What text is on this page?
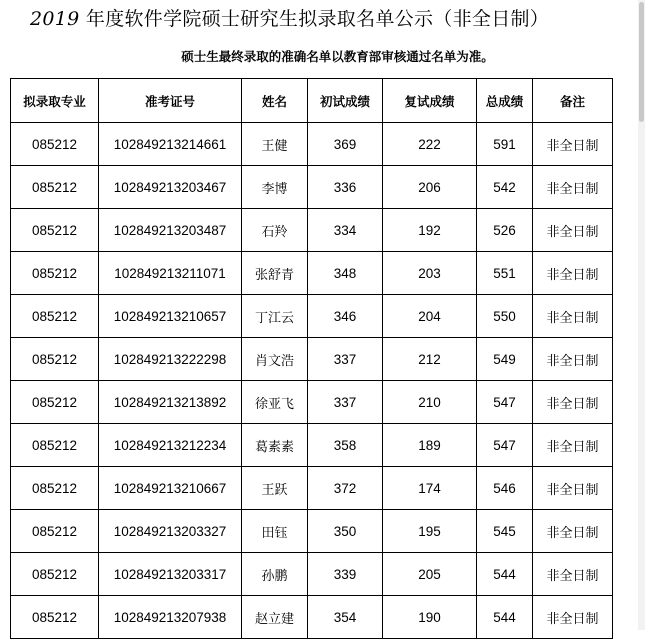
2019 年度软件学院硕士研究生拟录取名单公示（非全日制）
硕士生最终录取的准确名单以教育部审核通过名单为准。
拟录取专业	准考证号	姓名	初试成绩	复试成绩	总成绩	备注
085212	102849213214661	王健	369	222	591	非全日制
085212	102849213203467	李博	336	206	542	非全日制
085212	102849213203487	石羚	334	192	526	非全日制
085212	102849213211071	张舒青	348	203	551	非全日制
085212	102849213210657	丁江云	346	204	550	非全日制
085212	102849213222298	肖文浩	337	212	549	非全日制
085212	102849213213892	徐亚飞	337	210	547	非全日制
085212	102849213212234	葛素素	358	189	547	非全日制
085212	102849213210667	王跃	372	174	546	非全日制
085212	102849213203327	田钰	350	195	545	非全日制
085212	102849213203317	孙鹏	339	205	544	非全日制
085212	102849213207938	赵立建	354	190	544	非全日制
